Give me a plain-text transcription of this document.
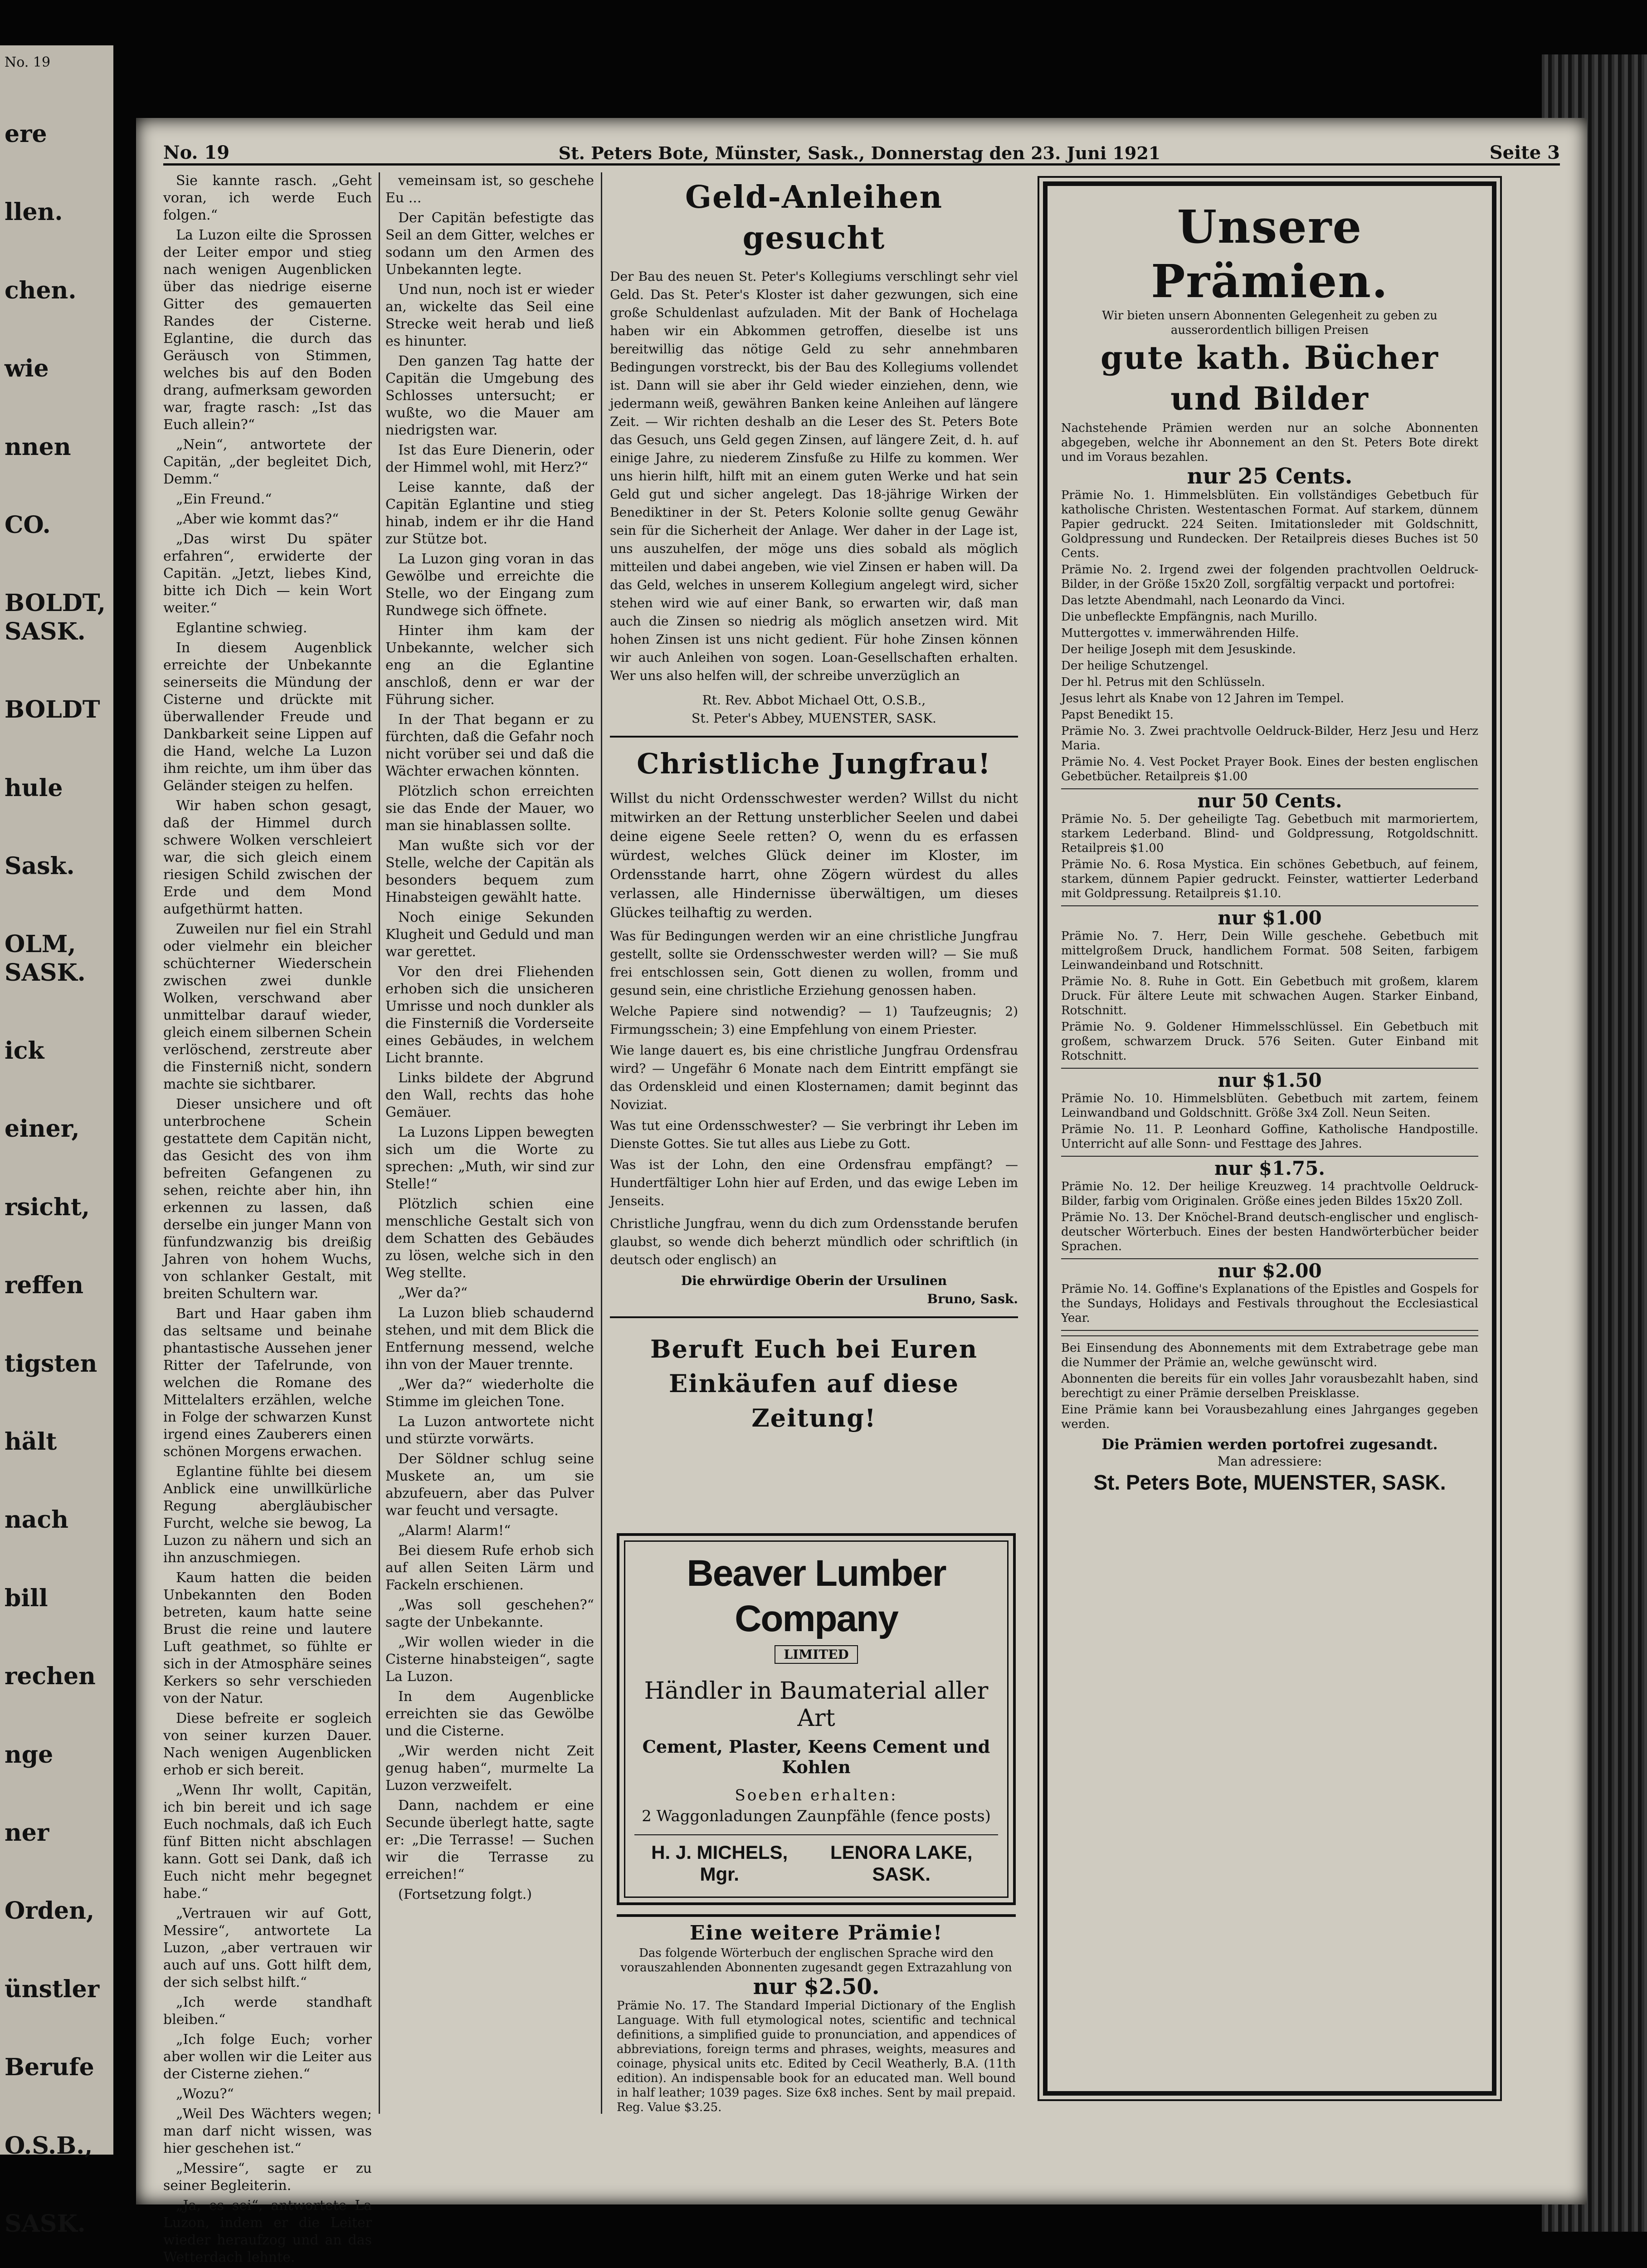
No. 19
ere
llen.
chen.
wie
nnen
CO.
BOLDT, SASK.
BOLDT
hule
Sask.
OLM, SASK.
ick
einer,
rsicht,
reffen
tigsten
hält
nach
bill
rechen
nge
ner
Orden,
ünstler
Berufe
O.S.B.,
SASK.
No. 19	St. Peters Bote, Münster, Sask., Donnerstag den 23. Juni 1921	Seite 3

Sie kannte rasch. „Geht voran, ich werde Euch folgen.“

La Luzon eilte die Sprossen der Leiter empor und stieg nach wenigen Augenblicken über das niedrige eiserne Gitter des gemauerten Randes der Cisterne. Eglantine, die durch das Geräusch von Stimmen, welches bis auf den Boden drang, aufmerksam geworden war, fragte rasch: „Ist das Euch allein?“

„Nein“, antwortete der Capitän, „der begleitet Dich, Demm.“

„Ein Freund.“

„Aber wie kommt das?“

„Das wirst Du später erfahren“, erwiderte der Capitän. „Jetzt, liebes Kind, bitte ich Dich — kein Wort weiter.“

Eglantine schwieg.

In diesem Augenblick erreichte der Unbekannte seinerseits die Mündung der Cisterne und drückte mit überwallender Freude und Dankbarkeit seine Lippen auf die Hand, welche La Luzon ihm reichte, um ihm über das Geländer steigen zu helfen.

Wir haben schon gesagt, daß der Himmel durch schwere Wolken verschleiert war, die sich gleich einem riesigen Schild zwischen der Erde und dem Mond aufgethürmt hatten.

Zuweilen nur fiel ein Strahl oder vielmehr ein bleicher schüchterner Wiederschein zwischen zwei dunkle Wolken, verschwand aber unmittelbar darauf wieder, gleich einem silbernen Schein verlöschend, zerstreute aber die Finsterniß nicht, sondern machte sie sichtbarer.

Dieser unsichere und oft unterbrochene Schein gestattete dem Capitän nicht, das Gesicht des von ihm befreiten Gefangenen zu sehen, reichte aber hin, ihn erkennen zu lassen, daß derselbe ein junger Mann von fünfundzwanzig bis dreißig Jahren von hohem Wuchs, von schlanker Gestalt, mit breiten Schultern war.

Bart und Haar gaben ihm das seltsame und beinahe phantastische Aussehen jener Ritter der Tafelrunde, von welchen die Romane des Mittelalters erzählen, welche in Folge der schwarzen Kunst irgend eines Zauberers einen schönen Morgens erwachen.

Eglantine fühlte bei diesem Anblick eine unwillkürliche Regung abergläubischer Furcht, welche sie bewog, La Luzon zu nähern und sich an ihn anzuschmiegen.

Kaum hatten die beiden Unbekannten den Boden betreten, kaum hatte seine Brust die reine und lautere Luft geathmet, so fühlte er sich in der Atmosphäre seines Kerkers so sehr verschieden von der Natur.

Diese befreite er sogleich von seiner kurzen Dauer. Nach wenigen Augenblicken erhob er sich bereit.

„Wenn Ihr wollt, Capitän, ich bin bereit und ich sage Euch nochmals, daß ich Euch fünf Bitten nicht abschlagen kann. Gott sei Dank, daß ich Euch nicht mehr begegnet habe.“

„Vertrauen wir auf Gott, Messire“, antwortete La Luzon, „aber vertrauen wir auch auf uns. Gott hilft dem, der sich selbst hilft.“

„Ich werde standhaft bleiben.“

„Ich folge Euch; vorher aber wollen wir die Leiter aus der Cisterne ziehen.“

„Wozu?“

„Weil Des Wächters wegen; man darf nicht wissen, was hier geschehen ist.“

„Messire“, sagte er zu seiner Begleiterin.

„Ja, es sei“, antwortete La Luzon, indem er die Leiter wieder heraufzog und an das Wetterdach lehnte.

vemeinsam ist, so geschehe Eu ...

Der Capitän befestigte das Seil an dem Gitter, welches er sodann um den Armen des Unbekannten legte.

Und nun, noch ist er wieder an, wickelte das Seil eine Strecke weit herab und ließ es hinunter.

Den ganzen Tag hatte der Capitän die Umgebung des Schlosses untersucht; er wußte, wo die Mauer am niedrigsten war.

Ist das Eure Dienerin, oder der Himmel wohl, mit Herz?“

Leise kannte, daß der Capitän Eglantine und stieg hinab, indem er ihr die Hand zur Stütze bot.

La Luzon ging voran in das Gewölbe und erreichte die Stelle, wo der Eingang zum Rundwege sich öffnete.

Hinter ihm kam der Unbekannte, welcher sich eng an die Eglantine anschloß, denn er war der Führung sicher.

In der That begann er zu fürchten, daß die Gefahr noch nicht vorüber sei und daß die Wächter erwachen könnten.

Plötzlich schon erreichten sie das Ende der Mauer, wo man sie hinablassen sollte.

Man wußte sich vor der Stelle, welche der Capitän als besonders bequem zum Hinabsteigen gewählt hatte.

Noch einige Sekunden Klugheit und Geduld und man war gerettet.

Vor den drei Fliehenden erhoben sich die unsicheren Umrisse und noch dunkler als die Finsterniß die Vorderseite eines Gebäudes, in welchem Licht brannte.

Links bildete der Abgrund den Wall, rechts das hohe Gemäuer.

La Luzons Lippen bewegten sich um die Worte zu sprechen: „Muth, wir sind zur Stelle!“

Plötzlich schien eine menschliche Gestalt sich von dem Schatten des Gebäudes zu lösen, welche sich in den Weg stellte.

„Wer da?“

La Luzon blieb schaudernd stehen, und mit dem Blick die Entfernung messend, welche ihn von der Mauer trennte.

„Wer da?“ wiederholte die Stimme im gleichen Tone.

La Luzon antwortete nicht und stürzte vorwärts.

Der Söldner schlug seine Muskete an, um sie abzufeuern, aber das Pulver war feucht und versagte.

„Alarm! Alarm!“

Bei diesem Rufe erhob sich auf allen Seiten Lärm und Fackeln erschienen.

„Was soll geschehen?“ sagte der Unbekannte.

„Wir wollen wieder in die Cisterne hinabsteigen“, sagte La Luzon.

In dem Augenblicke erreichten sie das Gewölbe und die Cisterne.

„Wir werden nicht Zeit genug haben“, murmelte La Luzon verzweifelt.

Dann, nachdem er eine Secunde überlegt hatte, sagte er: „Die Terrasse! — Suchen wir die Terrasse zu erreichen!“

(Fortsetzung folgt.)

Geld-Anleihen gesucht

Der Bau des neuen St. Peter's Kollegiums verschlingt sehr viel Geld. Das St. Peter's Kloster ist daher gezwungen, sich eine große Schuldenlast aufzuladen. Mit der Bank of Hochelaga haben wir ein Abkommen getroffen, dieselbe ist uns bereitwillig das nötige Geld zu sehr annehmbaren Bedingungen vorstreckt, bis der Bau des Kollegiums vollendet ist. Dann will sie aber ihr Geld wieder einziehen, denn, wie jedermann weiß, gewähren Banken keine Anleihen auf längere Zeit. — Wir richten deshalb an die Leser des St. Peters Bote das Gesuch, uns Geld gegen Zinsen, auf längere Zeit, d. h. auf einige Jahre, zu niederem Zinsfuße zu Hilfe zu kommen. Wer uns hierin hilft, hilft mit an einem guten Werke und hat sein Geld gut und sicher angelegt. Das 18-jährige Wirken der Benediktiner in der St. Peters Kolonie sollte genug Gewähr sein für die Sicherheit der Anlage. Wer daher in der Lage ist, uns auszuhelfen, der möge uns dies sobald als möglich mitteilen und dabei angeben, wie viel Zinsen er haben will. Da das Geld, welches in unserem Kollegium angelegt wird, sicher stehen wird wie auf einer Bank, so erwarten wir, daß man auch die Zinsen so niedrig als möglich ansetzen wird. Mit hohen Zinsen ist uns nicht gedient. Für hohe Zinsen können wir auch Anleihen von sogen. Loan-Gesellschaften erhalten. Wer uns also helfen will, der schreibe unverzüglich an

Rt. Rev. Abbot Michael Ott, O.S.B.,
St. Peter's Abbey, MUENSTER, SASK.
Christliche Jungfrau!

Willst du nicht Ordensschwester werden? Willst du nicht mitwirken an der Rettung unsterblicher Seelen und dabei deine eigene Seele retten? O, wenn du es erfassen würdest, welches Glück deiner im Kloster, im Ordensstande harrt, ohne Zögern würdest du alles verlassen, alle Hindernisse überwältigen, um dieses Glückes teilhaftig zu werden.

Was für Bedingungen werden wir an eine christliche Jungfrau gestellt, sollte sie Ordensschwester werden will? — Sie muß frei entschlossen sein, Gott dienen zu wollen, fromm und gesund sein, eine christliche Erziehung genossen haben.

Welche Papiere sind notwendig? — 1) Taufzeugnis; 2) Firmungsschein; 3) eine Empfehlung von einem Priester.

Wie lange dauert es, bis eine christliche Jungfrau Ordensfrau wird? — Ungefähr 6 Monate nach dem Eintritt empfängt sie das Ordenskleid und einen Klosternamen; damit beginnt das Noviziat.

Was tut eine Ordensschwester? — Sie verbringt ihr Leben im Dienste Gottes. Sie tut alles aus Liebe zu Gott.

Was ist der Lohn, den eine Ordensfrau empfängt? — Hundertfältiger Lohn hier auf Erden, und das ewige Leben im Jenseits.

Christliche Jungfrau, wenn du dich zum Ordensstande berufen glaubst, so wende dich beherzt mündlich oder schriftlich (in deutsch oder englisch) an

Die ehrwürdige Oberin der Ursulinen
Bruno, Sask.
Beruft Euch bei Euren Einkäufen auf diese Zeitung!
Beaver Lumber Company
LIMITED
Händler in Baumaterial aller Art
Cement, Plaster, Keens Cement und Kohlen
Soeben erhalten:
2 Waggonladungen Zaunpfähle (fence posts)
H. J. MICHELS, Mgr.
LENORA LAKE, SASK.
Eine weitere Prämie!
Das folgende Wörterbuch der englischen Sprache wird den vorauszahlenden Abonnenten zugesandt gegen Extrazahlung von
nur $2.50.
Prämie No. 17. The Standard Imperial Dictionary of the English Language. With full etymological notes, scientific and technical definitions, a simplified guide to pronunciation, and appendices of abbreviations, foreign terms and phrases, weights, measures and coinage, physical units etc. Edited by Cecil Weatherly, B.A. (11th edition). An indispensable book for an educated man. Well bound in half leather; 1039 pages. Size 6x8 inches. Sent by mail prepaid. Reg. Value $3.25.
Unsere Prämien.
Wir bieten unsern Abonnenten Gelegenheit zu geben zu ausserordentlich billigen Preisen
gute kath. Bücher und Bilder

Nachstehende Prämien werden nur an solche Abonnenten abgegeben, welche ihr Abonnement an den St. Peters Bote direkt und im Voraus bezahlen.

nur 25 Cents.

Prämie No. 1. Himmelsblüten. Ein vollständiges Gebetbuch für katholische Christen. Westentaschen Format. Auf starkem, dünnem Papier gedruckt. 224 Seiten. Imitationsleder mit Goldschnitt, Goldpressung und Rundecken. Der Retailpreis dieses Buches ist 50 Cents.

Prämie No. 2. Irgend zwei der folgenden prachtvollen Oeldruck-Bilder, in der Größe 15x20 Zoll, sorgfältig verpackt und portofrei:

Das letzte Abendmahl, nach Leonardo da Vinci.

Die unbefleckte Empfängnis, nach Murillo.

Muttergottes v. immerwährenden Hilfe.

Der heilige Joseph mit dem Jesuskinde.

Der heilige Schutzengel.

Der hl. Petrus mit den Schlüsseln.

Jesus lehrt als Knabe von 12 Jahren im Tempel.

Papst Benedikt 15.

Prämie No. 3. Zwei prachtvolle Oeldruck-Bilder, Herz Jesu und Herz Maria.

Prämie No. 4. Vest Pocket Prayer Book. Eines der besten englischen Gebetbücher. Retailpreis $1.00

nur 50 Cents.

Prämie No. 5. Der geheiligte Tag. Gebetbuch mit marmoriertem, starkem Lederband. Blind- und Goldpressung, Rotgoldschnitt. Retailpreis $1.00

Prämie No. 6. Rosa Mystica. Ein schönes Gebetbuch, auf feinem, starkem, dünnem Papier gedruckt. Feinster, wattierter Lederband mit Goldpressung. Retailpreis $1.10.

nur $1.00

Prämie No. 7. Herr, Dein Wille geschehe. Gebetbuch mit mittelgroßem Druck, handlichem Format. 508 Seiten, farbigem Leinwandeinband und Rotschnitt.

Prämie No. 8. Ruhe in Gott. Ein Gebetbuch mit großem, klarem Druck. Für ältere Leute mit schwachen Augen. Starker Einband, Rotschnitt.

Prämie No. 9. Goldener Himmelsschlüssel. Ein Gebetbuch mit großem, schwarzem Druck. 576 Seiten. Guter Einband mit Rotschnitt.

nur $1.50

Prämie No. 10. Himmelsblüten. Gebetbuch mit zartem, feinem Leinwandband und Goldschnitt. Größe 3x4 Zoll. Neun Seiten.

Prämie No. 11. P. Leonhard Goffine, Katholische Handpostille. Unterricht auf alle Sonn- und Festtage des Jahres.

nur $1.75.

Prämie No. 12. Der heilige Kreuzweg. 14 prachtvolle Oeldruck-Bilder, farbig vom Originalen. Größe eines jeden Bildes 15x20 Zoll.

Prämie No. 13. Der Knöchel-Brand deutsch-englischer und englisch-deutscher Wörterbuch. Eines der besten Handwörterbücher beider Sprachen.

nur $2.00

Prämie No. 14. Goffine's Explanations of the Epistles and Gospels for the Sundays, Holidays and Festivals throughout the Ecclesiastical Year.

Bei Einsendung des Abonnements mit dem Extrabetrage gebe man die Nummer der Prämie an, welche gewünscht wird.

Abonnenten die bereits für ein volles Jahr vorausbezahlt haben, sind berechtigt zu einer Prämie derselben Preisklasse.

Eine Prämie kann bei Vorausbezahlung eines Jahrganges gegeben werden.

Die Prämien werden portofrei zugesandt.
Man adressiere:
St. Peters Bote, MUENSTER, SASK.
